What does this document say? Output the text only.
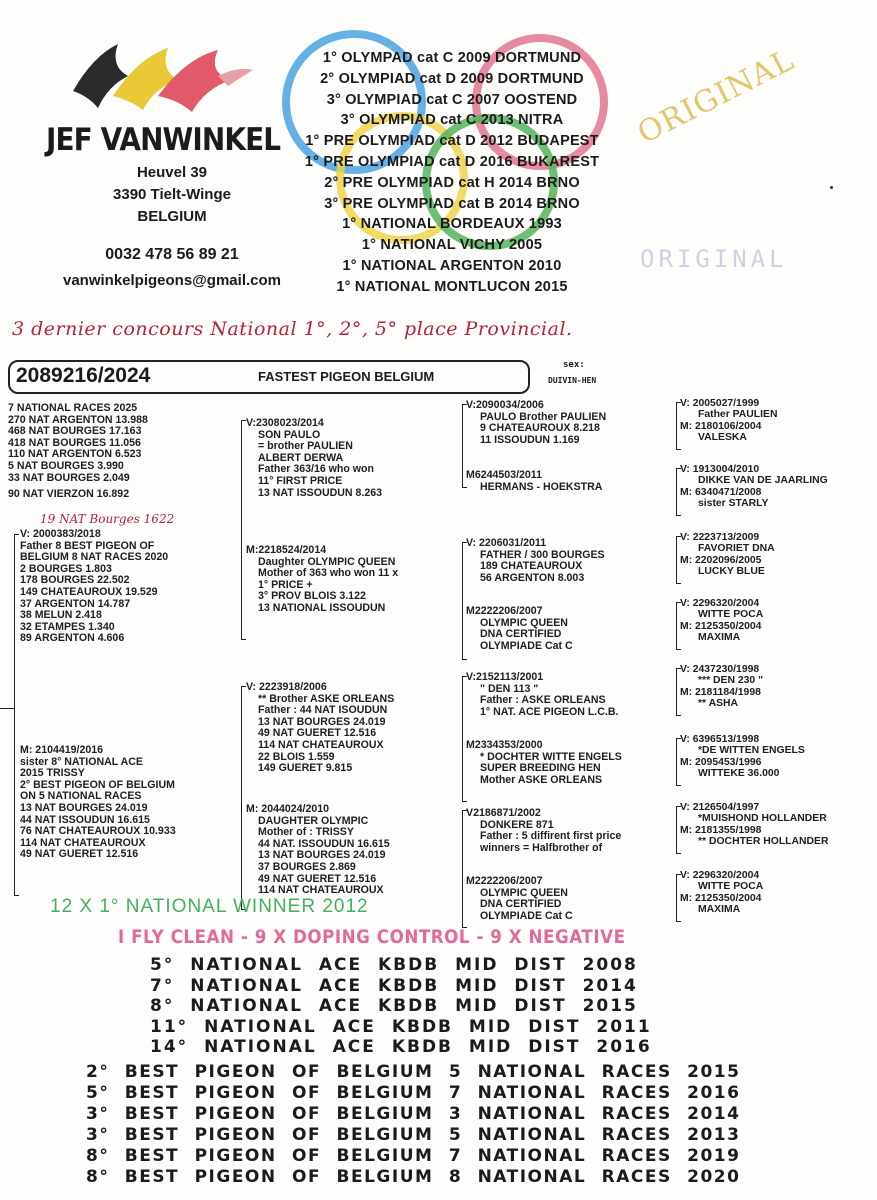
JEF VANWINKEL
Heuvel 39
3390 Tielt-Winge
BELGIUM
0032 478 56 89 21
vanwinkelpigeons@gmail.com
1° OLYMPAD cat C 2009 DORTMUND
2° OLYMPIAD cat D 2009 DORTMUND
3° OLYMPIAD cat C 2007 OOSTEND
3° OLYMPIAD cat C 2013 NITRA
1° PRE OLYMPIAD cat D 2012 BUDAPEST
1° PRE OLYMPIAD cat D 2016 BUKAREST
2° PRE OLYMPIAD cat H 2014 BRNO
3° PRE OLYMPIAD cat B 2014 BRNO
1° NATIONAL BORDEAUX 1993
1° NATIONAL VICHY 2005
1° NATIONAL ARGENTON 2010
1° NATIONAL MONTLUCON 2015
ORIGINAL
ORIGINAL
3 dernier concours National 1°, 2°, 5° place Provincial.
2089216/2024	FASTEST PIGEON BELGIUM
sex:
DUIVIN-HEN
7 NATIONAL RACES 2025
270 NAT ARGENTON 13.988
468 NAT BOURGES 17.163
418 NAT BOURGES 11.056
110 NAT ARGENTON 6.523
5 NAT BOURGES 3.990
33 NAT BOURGES 2.049
90 NAT VIERZON 16.892
19 NAT Bourges 1622
V: 2000383/2018
Father 8 BEST PIGEON OF
BELGIUM 8 NAT RACES 2020
2 BOURGES 1.803
178 BOURGES 22.502
149 CHATEAUROUX 19.529
37 ARGENTON 14.787
38 MELUN 2.418
32 ETAMPES 1.340
89 ARGENTON 4.606
M: 2104419/2016
sister 8° NATIONAL ACE
2015 TRISSY
2° BEST PIGEON OF BELGIUM
ON 5 NATIONAL RACES
13 NAT BOURGES 24.019
44 NAT ISSOUDUN 16.615
76 NAT CHATEAUROUX 10.933
114 NAT CHATEAUROUX
49 NAT GUERET 12.516
V:2308023/2014
SON PAULO
= brother PAULIEN
ALBERT DERWA
Father 363/16 who won
11° FIRST PRICE
13 NAT ISSOUDUN 8.263
M:2218524/2014
Daughter OLYMPIC QUEEN
Mother of 363 who won 11 x
1° PRICE +
3° PROV BLOIS 3.122
13 NATIONAL ISSOUDUN
V: 2223918/2006
** Brother ASKE ORLEANS
Father : 44 NAT ISOUDUN
13 NAT BOURGES 24.019
49 NAT GUERET 12.516
114 NAT CHATEAUROUX
22 BLOIS 1.559
149 GUERET 9.815
M: 2044024/2010
DAUGHTER OLYMPIC
Mother of : TRISSY
44 NAT. ISSOUDUN 16.615
13 NAT BOURGES 24.019
37 BOURGES 2.869
49 NAT GUERET 12.516
114 NAT CHATEAUROUX
V:2090034/2006
PAULO Brother PAULIEN
9 CHATEAUROUX 8.218
11 ISSOUDUN 1.169
M6244503/2011
HERMANS - HOEKSTRA
V: 2206031/2011
FATHER / 300 BOURGES
189 CHATEAUROUX
56 ARGENTON 8.003
M2222206/2007
OLYMPIC QUEEN
DNA CERTIFIED
OLYMPIADE Cat C
V:2152113/2001
" DEN 113 "
Father : ASKE ORLEANS
1° NAT. ACE PIGEON L.C.B.
M2334353/2000
* DOCHTER WITTE ENGELS
SUPER BREEDING HEN
Mother ASKE ORLEANS
V2186871/2002
DONKERE 871
Father : 5 diffirent first price
winners = Halfbrother of
M2222206/2007
OLYMPIC QUEEN
DNA CERTIFIED
OLYMPIADE Cat C
V: 2005027/1999
Father PAULIEN
M: 2180106/2004
VALESKA
V: 1913004/2010
DIKKE VAN DE JAARLING
M: 6340471/2008
sister STARLY
V: 2223713/2009
FAVORIET DNA
M: 2202096/2005
LUCKY BLUE
V: 2296320/2004
WITTE POCA
M: 2125350/2004
MAXIMA
V: 2437230/1998
*** DEN 230 "
M: 2181184/1998
** ASHA
V: 6396513/1998
*DE WITTEN ENGELS
M: 2095453/1996
WITTEKE 36.000
V: 2126504/1997
*MUISHOND HOLLANDER
M: 2181355/1998
** DOCHTER HOLLANDER
V: 2296320/2004
WITTE POCA
M: 2125350/2004
MAXIMA
12 X 1° NATIONAL WINNER 2012
I FLY CLEAN - 9 X DOPING CONTROL - 9 X NEGATIVE
5° NATIONAL ACE KBDB MID DIST 2008
7° NATIONAL ACE KBDB MID DIST 2014
8° NATIONAL ACE KBDB MID DIST 2015
11° NATIONAL ACE KBDB MID DIST 2011
14° NATIONAL ACE KBDB MID DIST 2016
2° BEST PIGEON OF BELGIUM 5 NATIONAL RACES 2015
5° BEST PIGEON OF BELGIUM 7 NATIONAL RACES 2016
3° BEST PIGEON OF BELGIUM 3 NATIONAL RACES 2014
3° BEST PIGEON OF BELGIUM 5 NATIONAL RACES 2013
8° BEST PIGEON OF BELGIUM 7 NATIONAL RACES 2019
8° BEST PIGEON OF BELGIUM 8 NATIONAL RACES 2020
